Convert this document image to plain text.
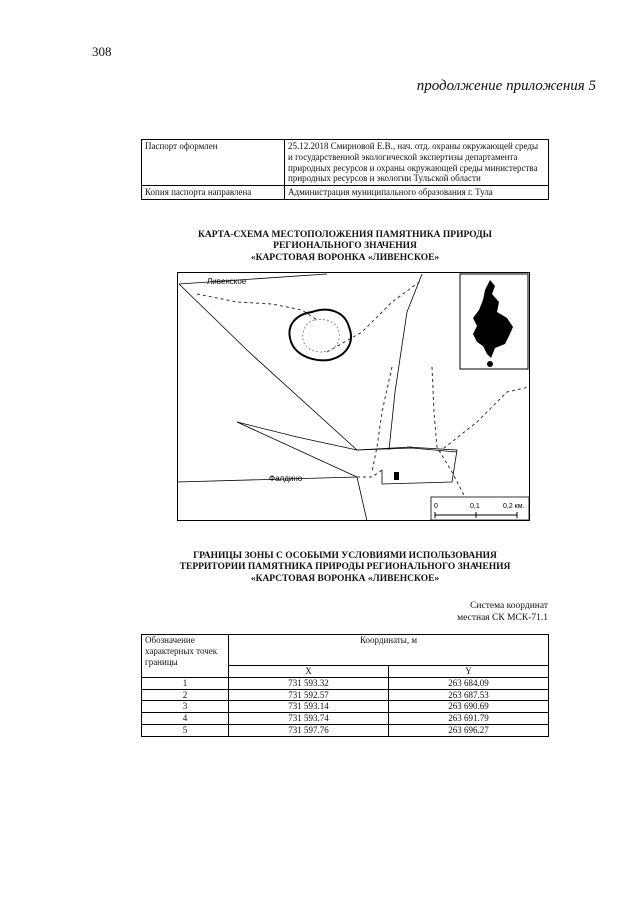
308
продолжение приложения 5
Паспорт оформлен	25.12.2018 Смирновой Е.В., нач. отд. охраны окружающей среды и государственной экологической экспертизы департамента природных ресурсов и охраны окружающей среды министерства природных ресурсов и экологии Тульской области
Копия паспорта направлена	Администрация муниципального образования г. Тула
КАРТА-СХЕМА МЕСТОПОЛОЖЕНИЯ ПАМЯТНИКА ПРИРОДЫ
РЕГИОНАЛЬНОГО ЗНАЧЕНИЯ
«КАРСТОВАЯ ВОРОНКА «ЛИВЕНСКОЕ»
Ливенское
Фалдино
0	0,1	0,2 км.
ГРАНИЦЫ ЗОНЫ С ОСОБЫМИ УСЛОВИЯМИ ИСПОЛЬЗОВАНИЯ
ТЕРРИТОРИИ ПАМЯТНИКА ПРИРОДЫ РЕГИОНАЛЬНОГО ЗНАЧЕНИЯ
«КАРСТОВАЯ ВОРОНКА «ЛИВЕНСКОЕ»
Система координат
местная СК МСК-71.1
Обозначение характерных точек границы	Координаты, м	
	X	Y
1	731 593.32	263 684.09
2	731 592.57	263 687.53
3	731 593.14	263 690.69
4	731 593.74	263 691.79
5	731 597.76	263 696.27
